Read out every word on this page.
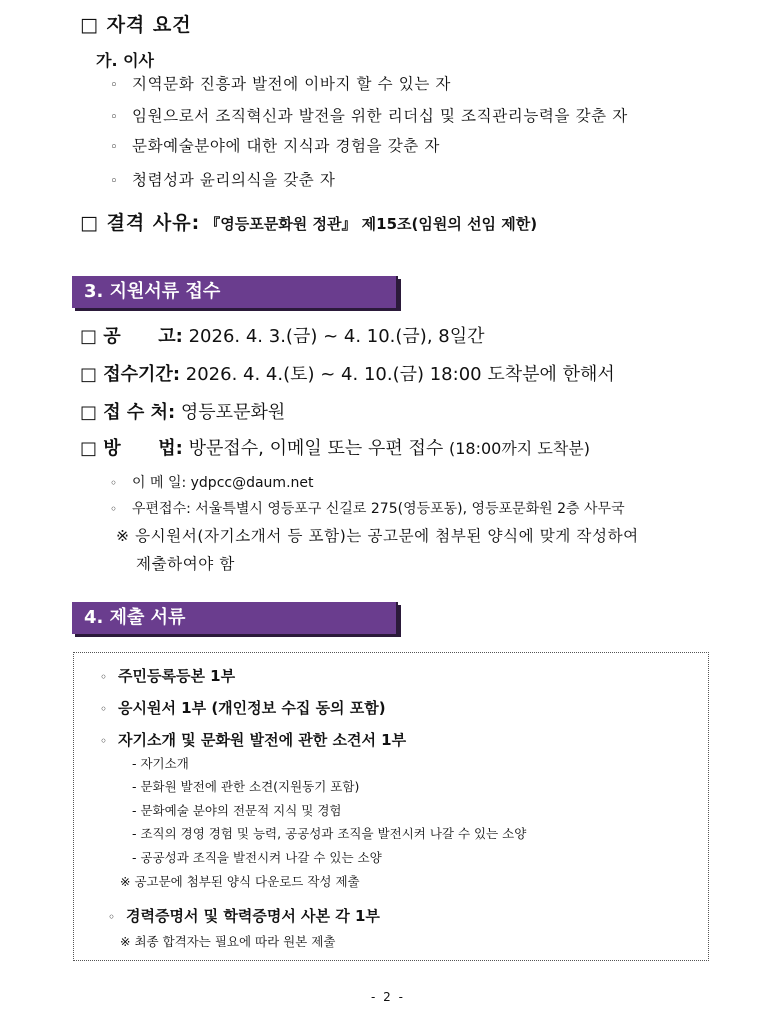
□ 자격 요건
가. 이사
◦ 지역문화 진흥과 발전에 이바지 할 수 있는 자
◦ 임원으로서 조직혁신과 발전을 위한 리더십 및 조직관리능력을 갖춘 자
◦ 문화예술분야에 대한 지식과 경험을 갖춘 자
◦ 청렴성과 윤리의식을 갖춘 자
□ 결격 사유: 『영등포문화원 정관』 제15조(임원의 선임 제한)
3. 지원서류 접수
□ 공      고: 2026. 4. 3.(금) ~ 4. 10.(금), 8일간
□ 접수기간: 2026. 4. 4.(토) ~ 4. 10.(금) 18:00 도착분에 한해서
□ 접 수 처: 영등포문화원
□ 방      법: 방문접수, 이메일 또는 우편 접수 (18:00까지 도착분)
◦ 이 메 일: ydpcc@daum.net
◦ 우편접수: 서울특별시 영등포구 신길로 275(영등포동), 영등포문화원 2층 사무국
※ 응시원서(자기소개서 등 포함)는 공고문에 첨부된 양식에 맞게 작성하여
제출하여야 함
4. 제출 서류
◦ 주민등록등본 1부
◦ 응시원서 1부 (개인정보 수집 동의 포함)
◦ 자기소개 및 문화원 발전에 관한 소견서 1부
- 자기소개
- 문화원 발전에 관한 소견(지원동기 포함)
- 문화예술 분야의 전문적 지식 및 경험
- 조직의 경영 경험 및 능력, 공공성과 조직을 발전시켜 나갈 수 있는 소양
- 공공성과 조직을 발전시켜 나갈 수 있는 소양
※ 공고문에 첨부된 양식 다운로드 작성 제출
◦ 경력증명서 및 학력증명서 사본 각 1부
※ 최종 합격자는 필요에 따라 원본 제출
- 2 -
